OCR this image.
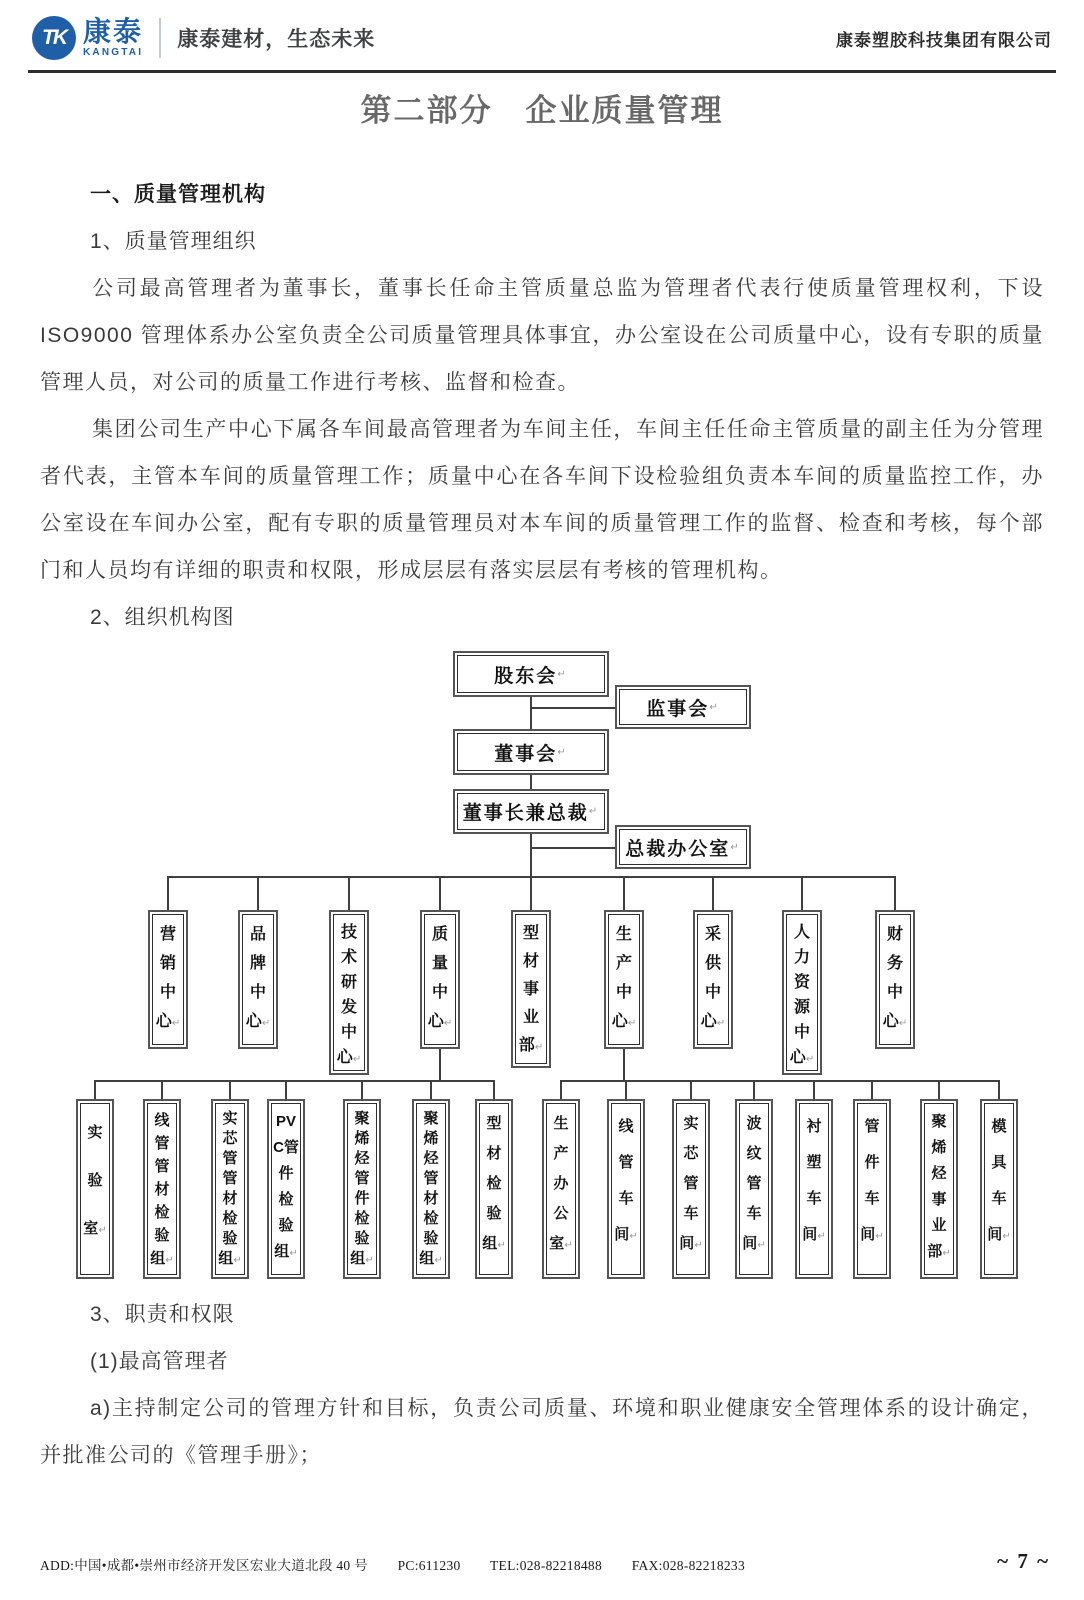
TK 康泰
KANGTAI
康泰建材，生态未来	康泰塑胶科技集团有限公司
第二部分　企业质量管理
一、质量管理机构
1、质量管理组织
公司最高管理者为董事长，董事长任命主管质量总监为管理者代表行使质量管理权利，下设 ISO9000 管理体系办公室负责全公司质量管理具体事宜，办公室设在公司质量中心，设有专职的质量管理人员，对公司的质量工作进行考核、监督和检查。
集团公司生产中心下属各车间最高管理者为车间主任，车间主任任命主管质量的副主任为分管理者代表，主管本车间的质量管理工作；质量中心在各车间下设检验组负责本车间的质量监控工作，办公室设在车间办公室，配有专职的质量管理员对本车间的质量管理工作的监督、检查和考核，每个部门和人员均有详细的职责和权限，形成层层有落实层层有考核的管理机构。
2、组织机构图
股东会 ↵
监事会 ↵
董事会 ↵
董事长兼总裁 ↵
总裁办公室 ↵
营销中心 ↵
品牌中心 ↵
技术研发中心 ↵
质量中心 ↵
型材事业部 ↵
生产中心 ↵
采供中心 ↵
人力资源中心 ↵
财务中心 ↵
实验室 ↵
线管管材检验组 ↵
实芯管管材检验组 ↵
PVC管件检验组 ↵
聚烯烃管件检验组 ↵
聚烯烃管材检验组 ↵
型材检验组 ↵
生产办公室 ↵
线管车间 ↵
实芯管车间 ↵
波纹管车间 ↵
衬塑车间 ↵
管件车间 ↵
聚烯烃事业部 ↵
模具车间 ↵
3、职责和权限
(1)最高管理者
a)主持制定公司的管理方针和目标，负责公司质量、环境和职业健康安全管理体系的设计确定，并批准公司的《管理手册》；
ADD:中国•成都•崇州市经济开发区宏业大道北段 40 号 PC:611230 TEL:028-82218488 FAX:028-82218233	~ 7 ~
